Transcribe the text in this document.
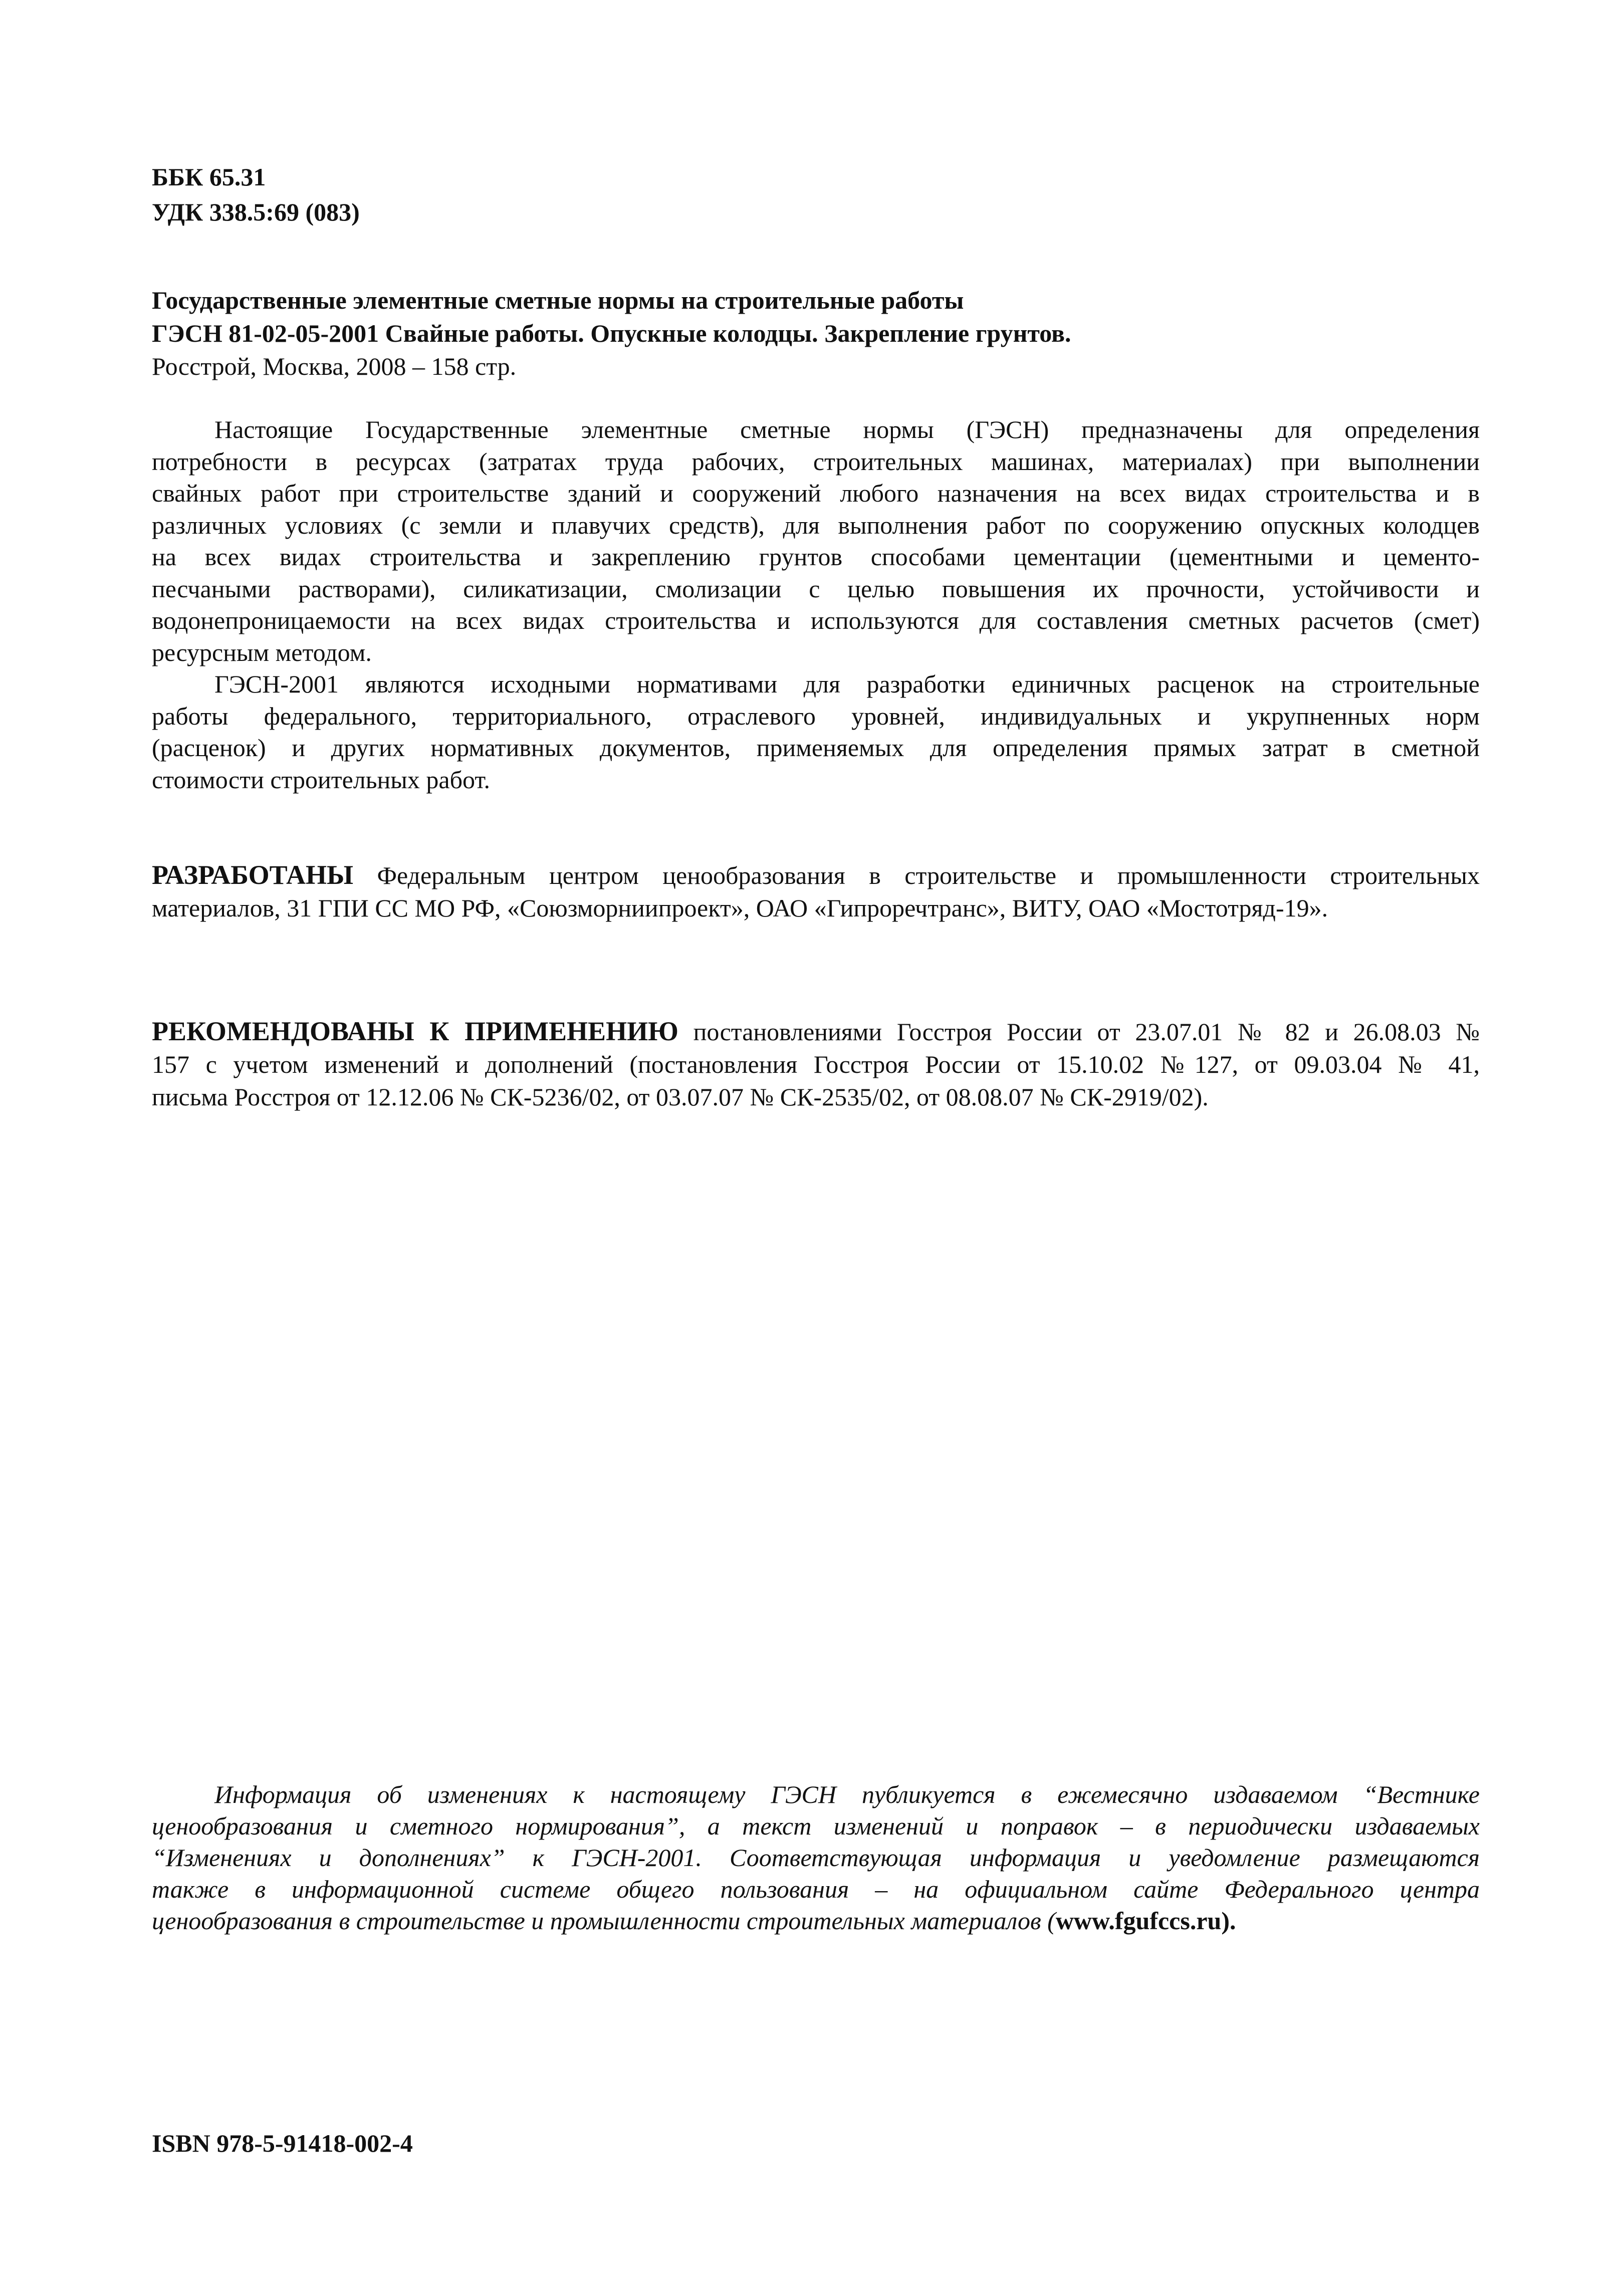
ББК 65.31
УДК 338.5:69 (083)
Государственные элементные сметные нормы на строительные работы
ГЭСН 81-02-05-2001 Свайные работы. Опускные колодцы. Закрепление грунтов.
Росстрой, Москва, 2008 – 158 стр.
Настоящие Государственные элементные сметные нормы (ГЭСН) предназначены для определения
потребности в ресурсах (затратах труда рабочих, строительных машинах, материалах) при выполнении
свайных работ при строительстве зданий и сооружений любого назначения на всех видах строительства и в
различных условиях (с земли и плавучих средств), для выполнения работ по сооружению опускных колодцев
на всех видах строительства и закреплению грунтов способами цементации (цементными и цементо-
песчаными растворами), силикатизации, смолизации с целью повышения их прочности, устойчивости и
водонепроницаемости на всех видах строительства и используются для составления сметных расчетов (смет)
ресурсным методом.
ГЭСН-2001 являются исходными нормативами для разработки единичных расценок на строительные
работы федерального, территориального, отраслевого уровней, индивидуальных и укрупненных норм
(расценок) и других нормативных документов, применяемых для определения прямых затрат в сметной
стоимости строительных работ.
РАЗРАБОТАНЫ Федеральным центром ценообразования в строительстве и промышленности строительных
материалов, 31 ГПИ СС МО РФ, «Союзморниипроект», ОАО «Гипроречтранс», ВИТУ, ОАО «Мостотряд-19».
РЕКОМЕНДОВАНЫ К ПРИМЕНЕНИЮ постановлениями Госстроя России от 23.07.01 № 82 и 26.08.03 №
157 с учетом изменений и дополнений (постановления Госстроя России от 15.10.02 №127, от 09.03.04 № 41,
письма Росстроя от 12.12.06 № СК-5236/02, от 03.07.07 № СК-2535/02, от 08.08.07 № СК-2919/02).
Информация об изменениях к настоящему ГЭСН публикуется в ежемесячно издаваемом “Вестнике
ценообразования и сметного нормирования”, а текст изменений и поправок – в периодически издаваемых
“Изменениях и дополнениях” к ГЭСН-2001. Соответствующая информация и уведомление размещаются
также в информационной системе общего пользования – на официальном сайте Федерального центра
ценообразования в строительстве и промышленности строительных материалов (www.fgufccs.ru).
ISBN 978-5-91418-002-4
